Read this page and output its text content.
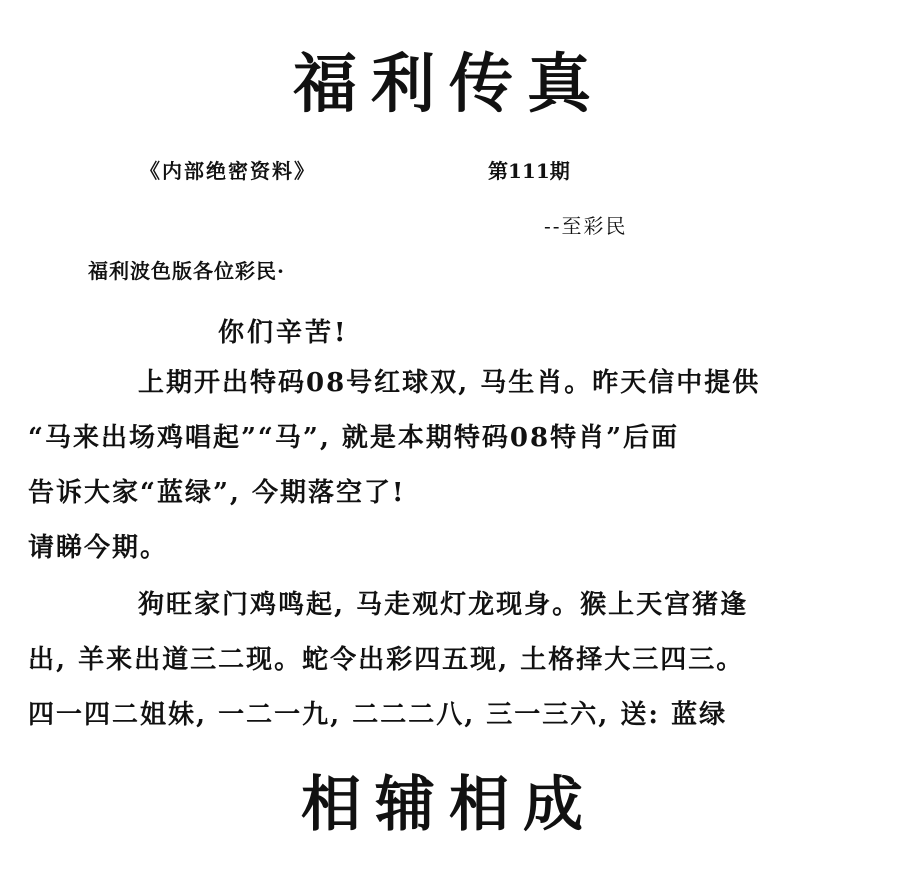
福利传真
《内部绝密资料》	第111期
--至彩民
福利波色版各位彩民·
你们辛苦!
上期开出特码08号红球双, 马生肖。昨天信中提供
“马来出场鸡唱起”“马”, 就是本期特码08特肖”后面
告诉大家“蓝绿”, 今期落空了!
请睇今期。
狗旺家门鸡鸣起, 马走观灯龙现身。猴上天宫猪逢
出, 羊来出道三二现。蛇令出彩四五现, 土格择大三四三。
四一四二姐妹, 一二一九, 二二二八, 三一三六, 送: 蓝绿
相辅相成
